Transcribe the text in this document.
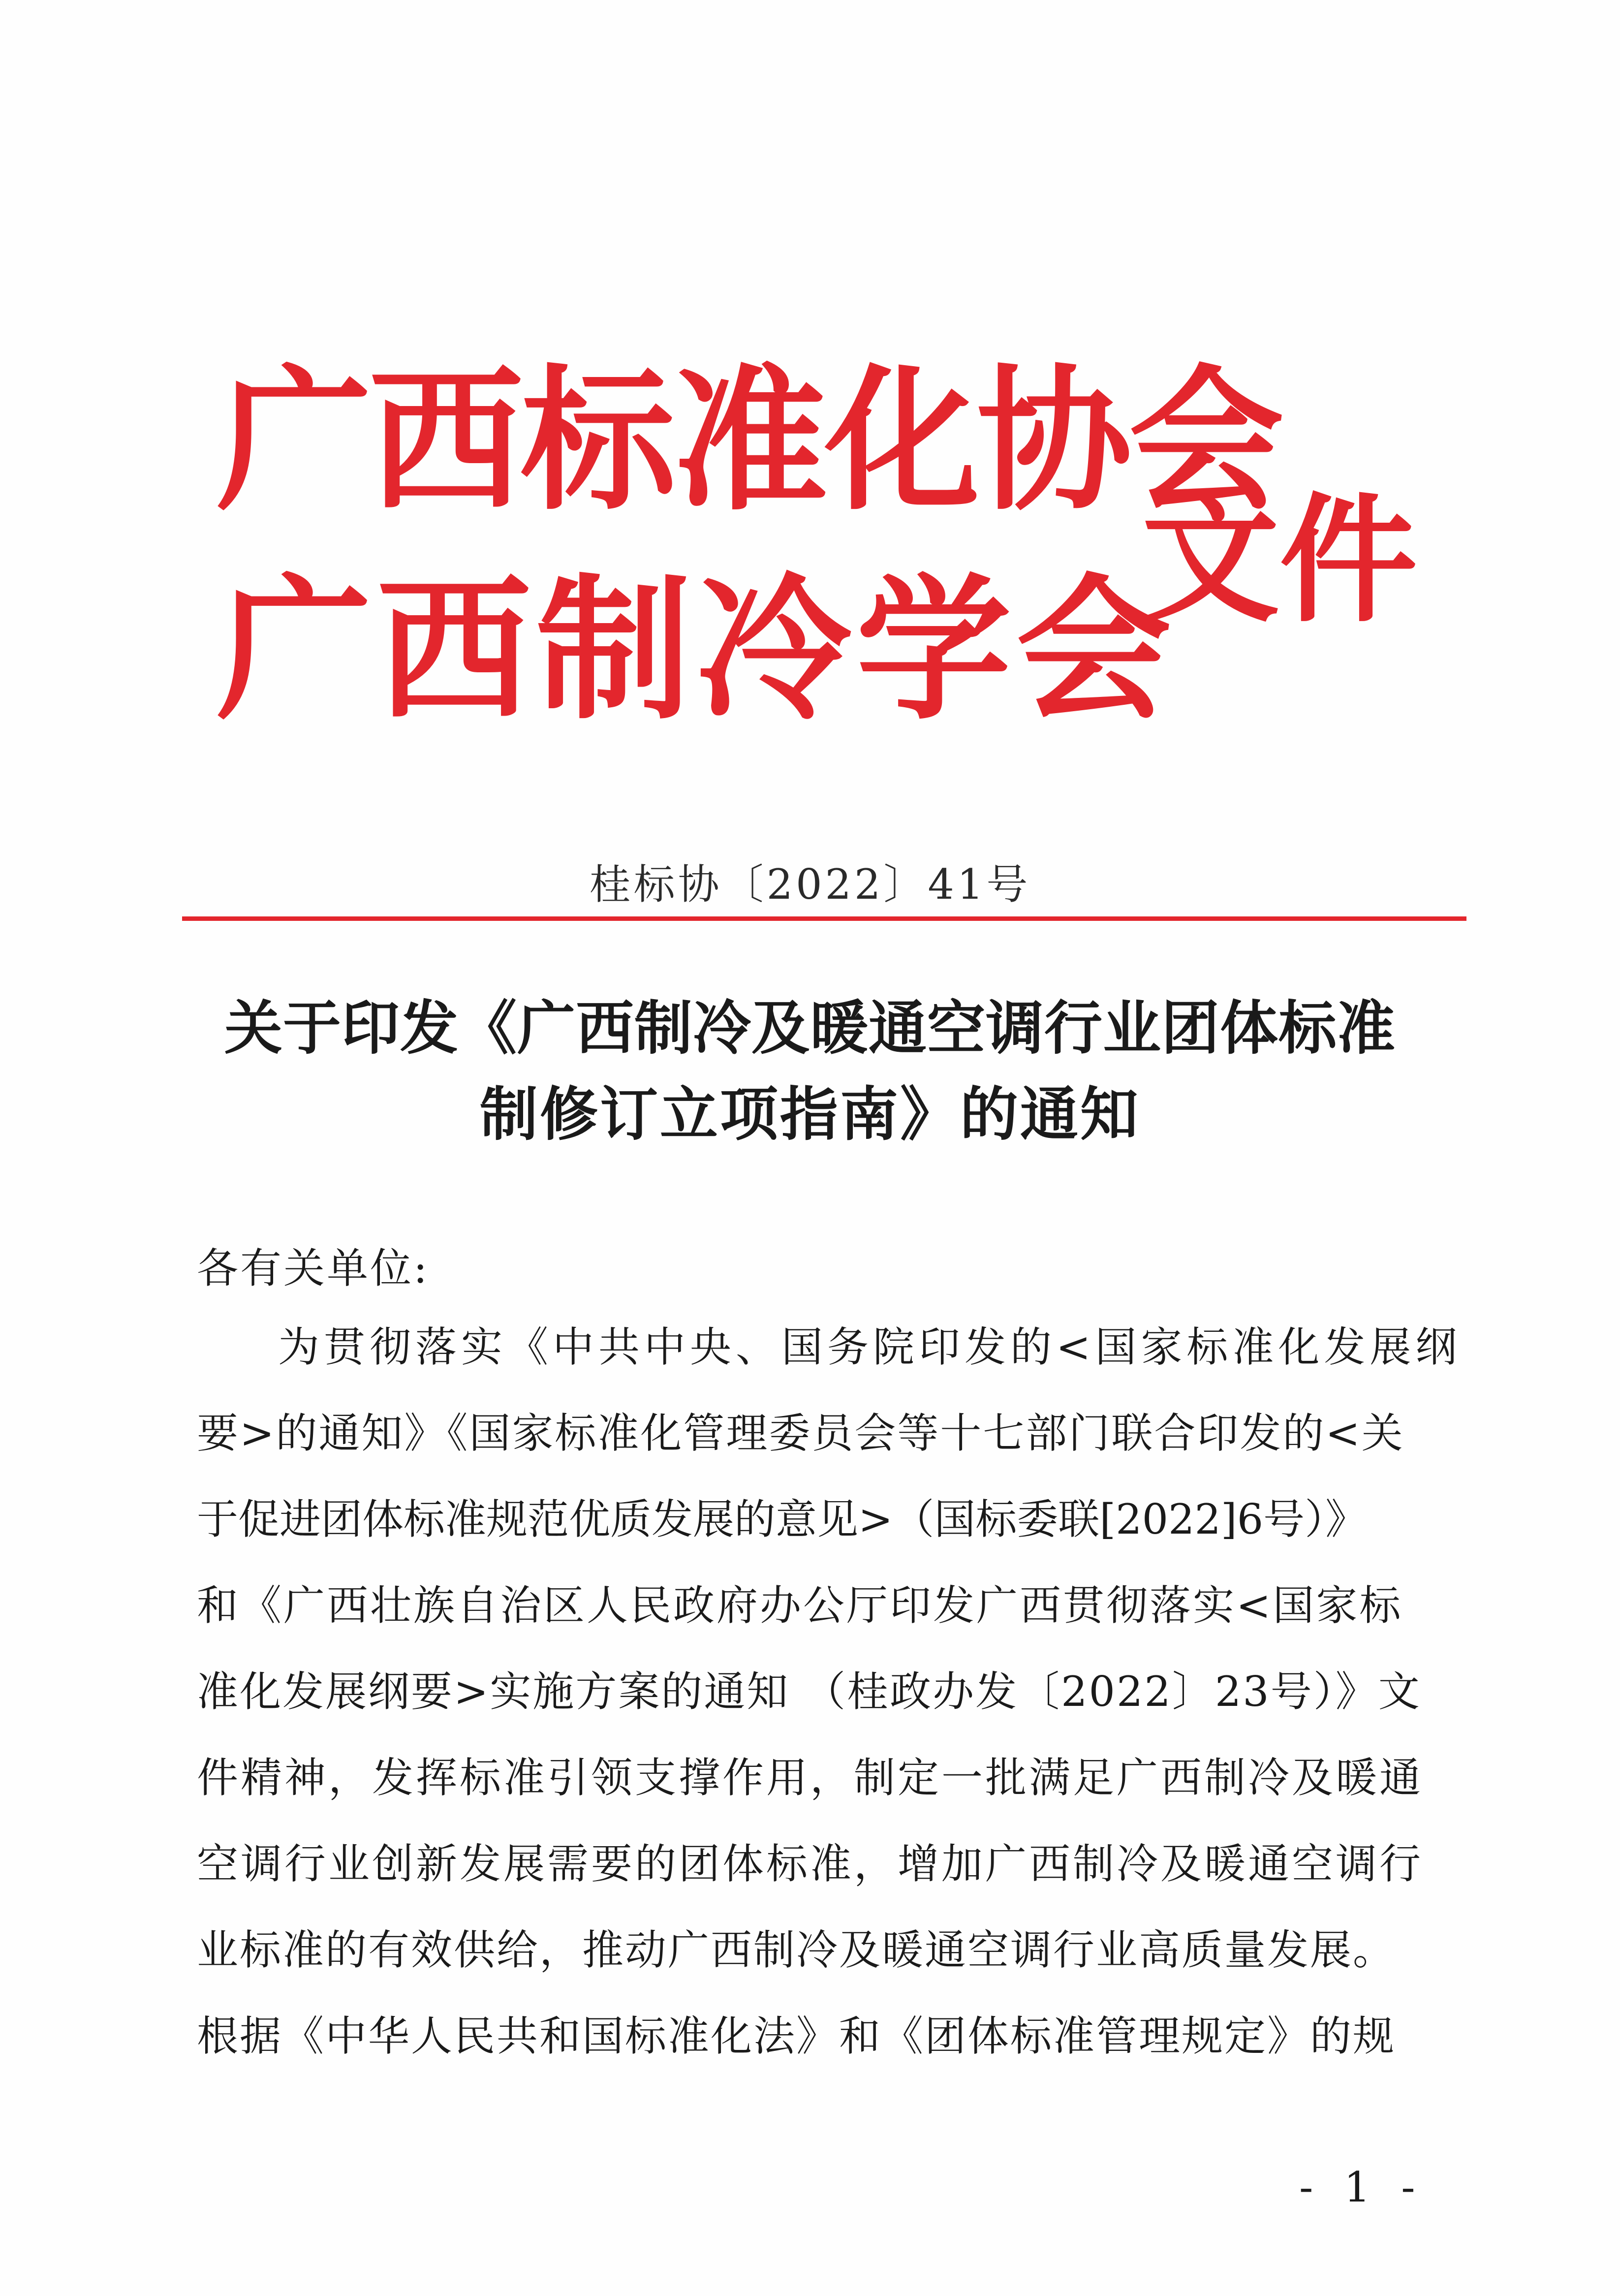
广西标准化协会
广西制冷学会
文件
桂标协〔2022〕41号
关于印发《广西制冷及暖通空调行业团体标准
制修订立项指南》的通知
各有关单位:
为贯彻落实《中共中央、国务院印发的<国家标准化发展纲
要>的通知》《国家标准化管理委员会等十七部门联合印发的<关
于促进团体标准规范优质发展的意见>（国标委联[2022]6号）》
和《广西壮族自治区人民政府办公厅印发广西贯彻落实<国家标
准化发展纲要>实施方案的通知 （桂政办发〔2022〕23号）》文
件精神，发挥标准引领支撑作用，制定一批满足广西制冷及暖通
空调行业创新发展需要的团体标准，增加广西制冷及暖通空调行
业标准的有效供给，推动广西制冷及暖通空调行业高质量发展。
根据《中华人民共和国标准化法》和《团体标准管理规定》的规
- 1 -
